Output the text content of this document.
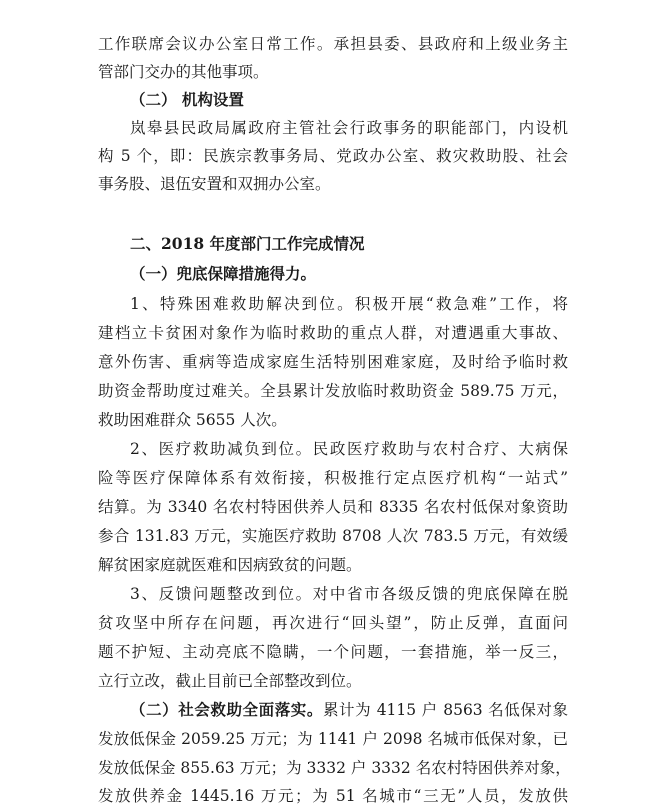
工作联席会议办公室日常工作。承担县委、县政府和上级业务主
管部门交办的其他事项。
（二） 机构设置
岚皋县民政局属政府主管社会行政事务的职能部门，内设机
构 5 个，即：民族宗教事务局、党政办公室、救灾救助股、社会
事务股、退伍安置和双拥办公室。
二、2018 年度部门工作完成情况
（一）兜底保障措施得力。
1、特殊困难救助解决到位。积极开展“救急难”工作，将
建档立卡贫困对象作为临时救助的重点人群，对遭遇重大事故、
意外伤害、重病等造成家庭生活特别困难家庭，及时给予临时救
助资金帮助度过难关。全县累计发放临时救助资金 589.75 万元，
救助困难群众 5655 人次。
2、医疗救助减负到位。民政医疗救助与农村合疗、大病保
险等医疗保障体系有效衔接，积极推行定点医疗机构“一站式”
结算。为 3340 名农村特困供养人员和 8335 名农村低保对象资助
参合 131.83 万元，实施医疗救助 8708 人次 783.5 万元，有效缓
解贫困家庭就医难和因病致贫的问题。
3、反馈问题整改到位。对中省市各级反馈的兜底保障在脱
贫攻坚中所存在问题，再次进行“回头望”，防止反弹，直面问
题不护短、主动亮底不隐瞒，一个问题，一套措施，举一反三，
立行立改，截止目前已全部整改到位。
（二）社会救助全面落实。累计为 4115 户 8563 名低保对象
发放低保金 2059.25 万元；为 1141 户 2098 名城市低保对象，已
发放低保金 855.63 万元；为 3332 户 3332 名农村特困供养对象，
发放供养金 1445.16 万元；为 51 名城市“三无”人员，发放供
